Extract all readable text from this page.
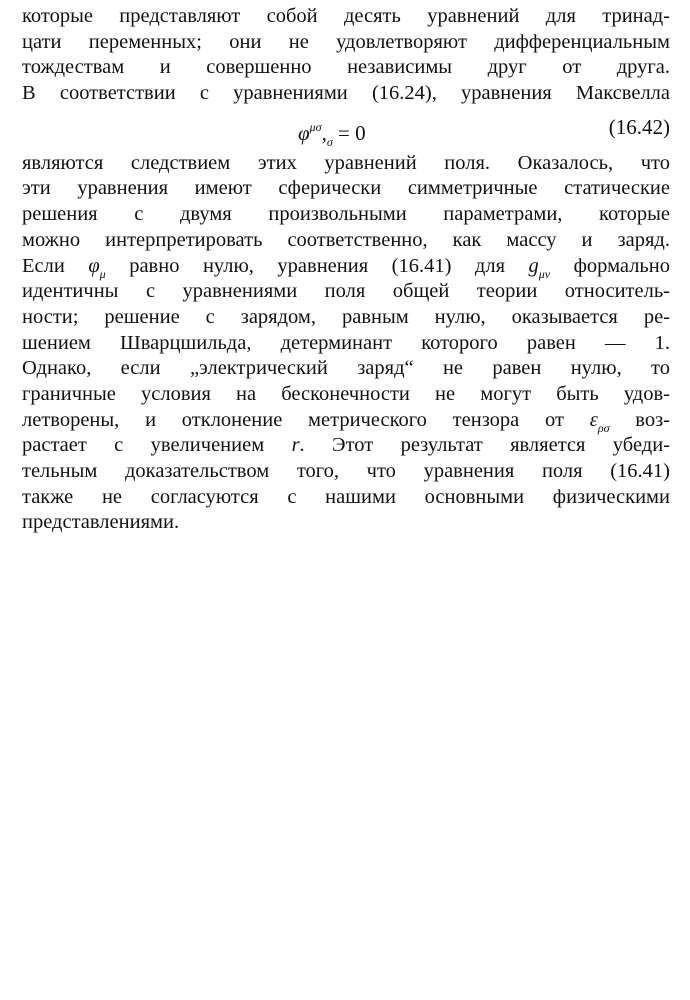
которые представляют собой десять уравнений для тринад-
цати переменных; они не удовлетворяют дифференциальным
тождествам и совершенно независимы друг от друга.
В соответствии с уравнениями (16.24), уравнения Максвелла
$\varphi^{\mu\sigma},_\sigma = 0$	(16.42)
являются следствием этих уравнений поля. Оказалось, что
эти уравнения имеют сферически симметричные статические
решения с двумя произвольными параметрами, которые
можно интерпретировать соответственно, как массу и заряд.
Если $\varphi_\mu$ равно нулю, уравнения (16.41) для $g_{\mu\nu}$ формально
идентичны с уравнениями поля общей теории относитель-
ности; решение с зарядом, равным нулю, оказывается ре-
шением Шварцшильда, детерминант которого равен — 1.
Однако, если „электрический заряд“ не равен нулю, то
граничные условия на бесконечности не могут быть удов-
летворены, и отклонение метрического тензора от $\varepsilon_{\rho\sigma}$ воз-
растает с увеличением r. Этот результат является убеди-
тельным доказательством того, что уравнения поля (16.41)
также не согласуются с нашими основными физическими
представлениями.
